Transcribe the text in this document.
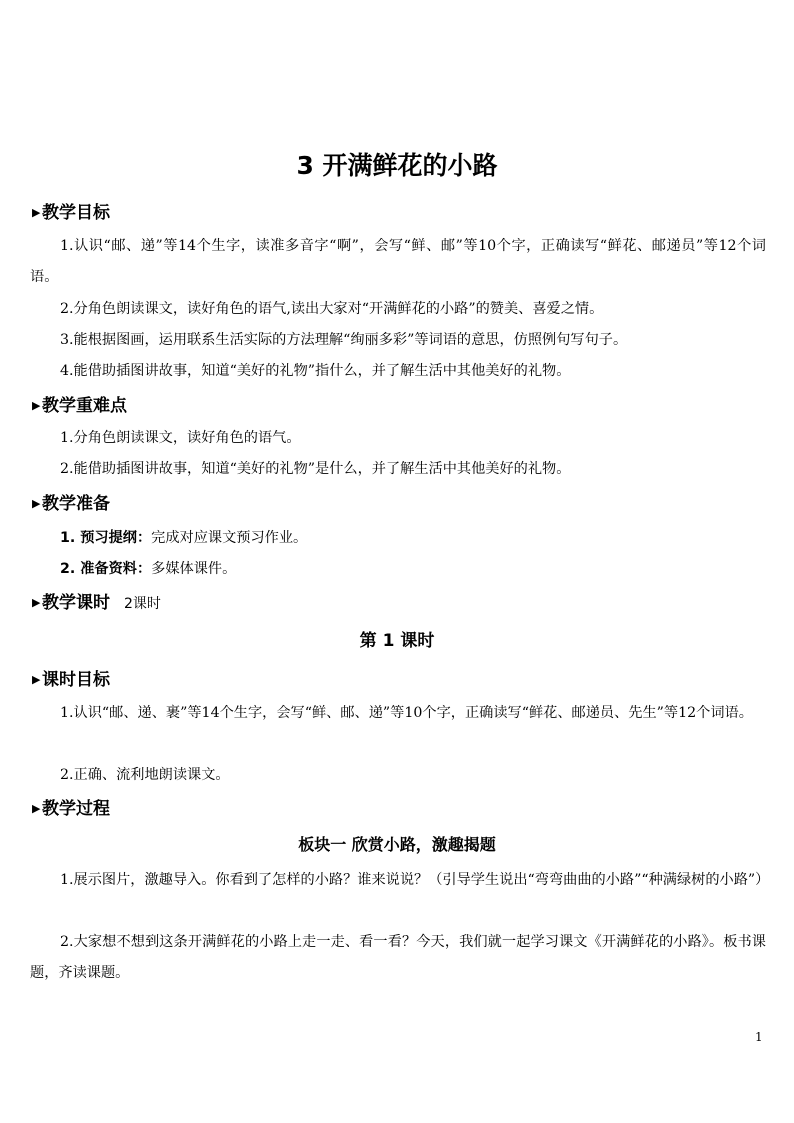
3 开满鲜花的小路
▶教学目标
1.认识“邮、递”等14个生字，读准多音字“啊”，会写“鲜、邮”等10个字，正确读写“鲜花、邮递员”等12个词语。
2.分角色朗读课文，读好角色的语气,读出大家对“开满鲜花的小路”的赞美、喜爱之情。
3.能根据图画，运用联系生活实际的方法理解“绚丽多彩”等词语的意思，仿照例句写句子。
4.能借助插图讲故事，知道“美好的礼物”指什么，并了解生活中其他美好的礼物。
▶教学重难点
1.分角色朗读课文，读好角色的语气。
2.能借助插图讲故事，知道“美好的礼物”是什么，并了解生活中其他美好的礼物。
▶教学准备
1. 预习提纲：完成对应课文预习作业。
2. 准备资料：多媒体课件。
▶教学课时 2课时
第 1 课时
▶课时目标
1.认识“邮、递、裹”等14个生字，会写“鲜、邮、递”等10个字，正确读写“鲜花、邮递员、先生”等12个词语。
2.正确、流利地朗读课文。
▶教学过程
板块一 欣赏小路，激趣揭题
1.展示图片，激趣导入。你看到了怎样的小路？谁来说说？（引导学生说出“弯弯曲曲的小路”“种满绿树的小路”）
2.大家想不想到这条开满鲜花的小路上走一走、看一看？今天，我们就一起学习课文《开满鲜花的小路》。板书课题，齐读课题。
1
